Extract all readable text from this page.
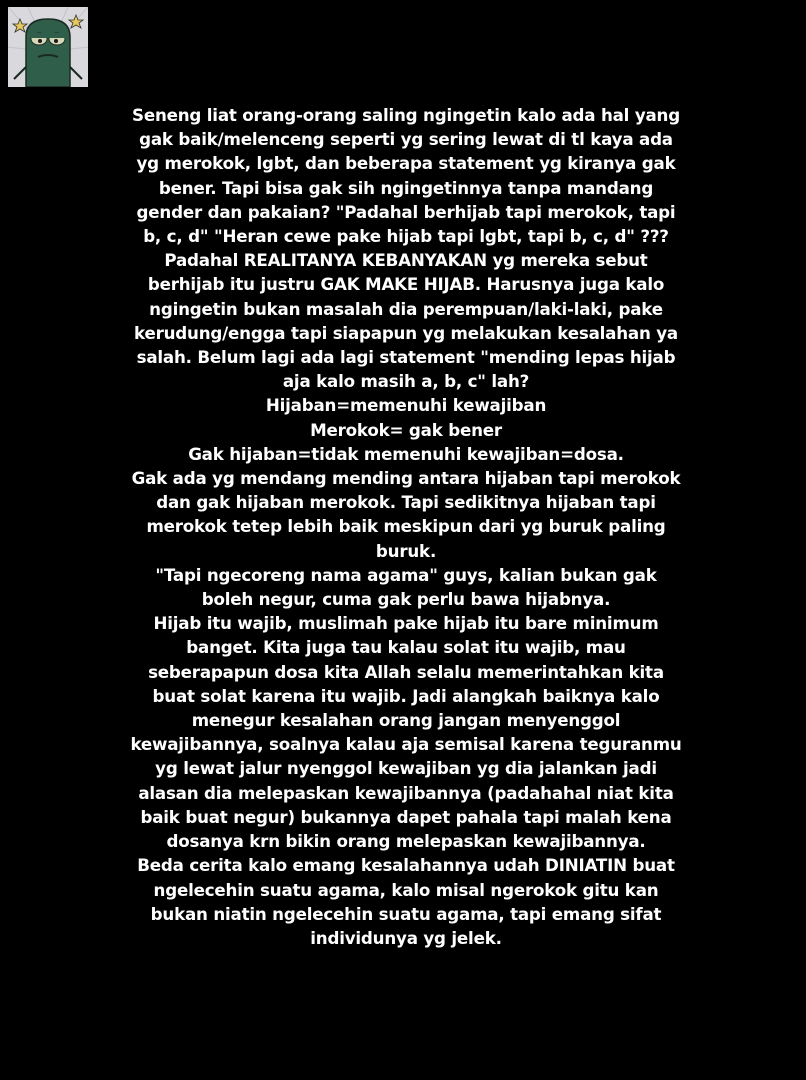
Seneng liat orang-orang saling ngingetin kalo ada hal yang
gak baik/melenceng seperti yg sering lewat di tl kaya ada
yg merokok, lgbt, dan beberapa statement yg kiranya gak
bener. Tapi bisa gak sih ngingetinnya tanpa mandang
gender dan pakaian? "Padahal berhijab tapi merokok, tapi
b, c, d" "Heran cewe pake hijab tapi lgbt, tapi b, c, d" ???
Padahal REALITANYA KEBANYAKAN yg mereka sebut
berhijab itu justru GAK MAKE HIJAB. Harusnya juga kalo
ngingetin bukan masalah dia perempuan/laki-laki, pake
kerudung/engga tapi siapapun yg melakukan kesalahan ya
salah. Belum lagi ada lagi statement "mending lepas hijab
aja kalo masih a, b, c" lah?
Hijaban=memenuhi kewajiban
Merokok= gak bener
Gak hijaban=tidak memenuhi kewajiban=dosa.
Gak ada yg mendang mending antara hijaban tapi merokok
dan gak hijaban merokok. Tapi sedikitnya hijaban tapi
merokok tetep lebih baik meskipun dari yg buruk paling
buruk.
"Tapi ngecoreng nama agama" guys, kalian bukan gak
boleh negur, cuma gak perlu bawa hijabnya.
Hijab itu wajib, muslimah pake hijab itu bare minimum
banget. Kita juga tau kalau solat itu wajib, mau
seberapapun dosa kita Allah selalu memerintahkan kita
buat solat karena itu wajib. Jadi alangkah baiknya kalo
menegur kesalahan orang jangan menyenggol
kewajibannya, soalnya kalau aja semisal karena teguranmu
yg lewat jalur nyenggol kewajiban yg dia jalankan jadi
alasan dia melepaskan kewajibannya (padahahal niat kita
baik buat negur) bukannya dapet pahala tapi malah kena
dosanya krn bikin orang melepaskan kewajibannya.
Beda cerita kalo emang kesalahannya udah DINIATIN buat
ngelecehin suatu agama, kalo misal ngerokok gitu kan
bukan niatin ngelecehin suatu agama, tapi emang sifat
individunya yg jelek.
